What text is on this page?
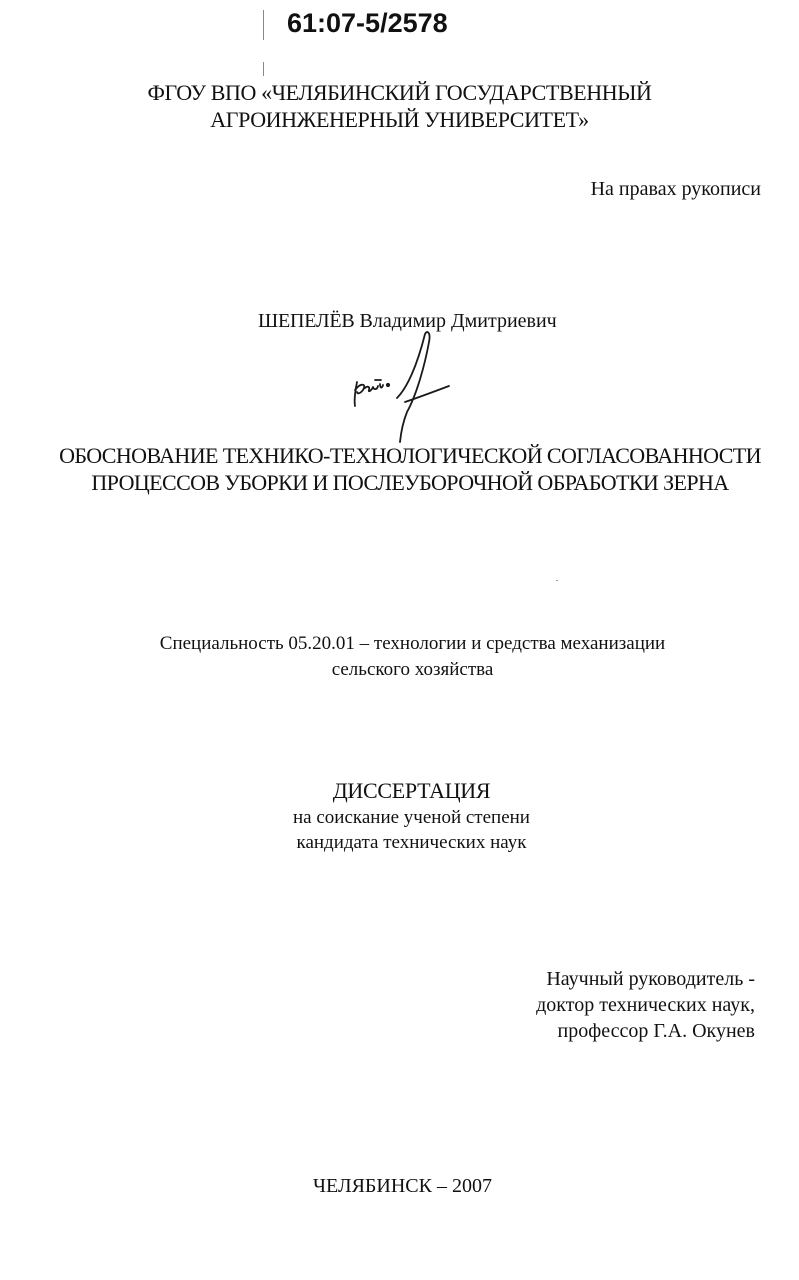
61:07-5/2578
ФГОУ ВПО «ЧЕЛЯБИНСКИЙ ГОСУДАРСТВЕННЫЙ
АГРОИНЖЕНЕРНЫЙ УНИВЕРСИТЕТ»
На правах рукописи
ШЕПЕЛЁВ Владимир Дмитриевич
ОБОСНОВАНИЕ ТЕХНИКО-ТЕХНОЛОГИЧЕСКОЙ СОГЛАСОВАННОСТИ
ПРОЦЕССОВ УБОРКИ И ПОСЛЕУБОРОЧНОЙ ОБРАБОТКИ ЗЕРНА
Специальность 05.20.01 – технологии и средства механизации
сельского хозяйства
ДИССЕРТАЦИЯ
на соискание ученой степени
кандидата технических наук
Научный руководитель -
доктор технических наук,
профессор Г.А. Окунев
ЧЕЛЯБИНСК – 2007
